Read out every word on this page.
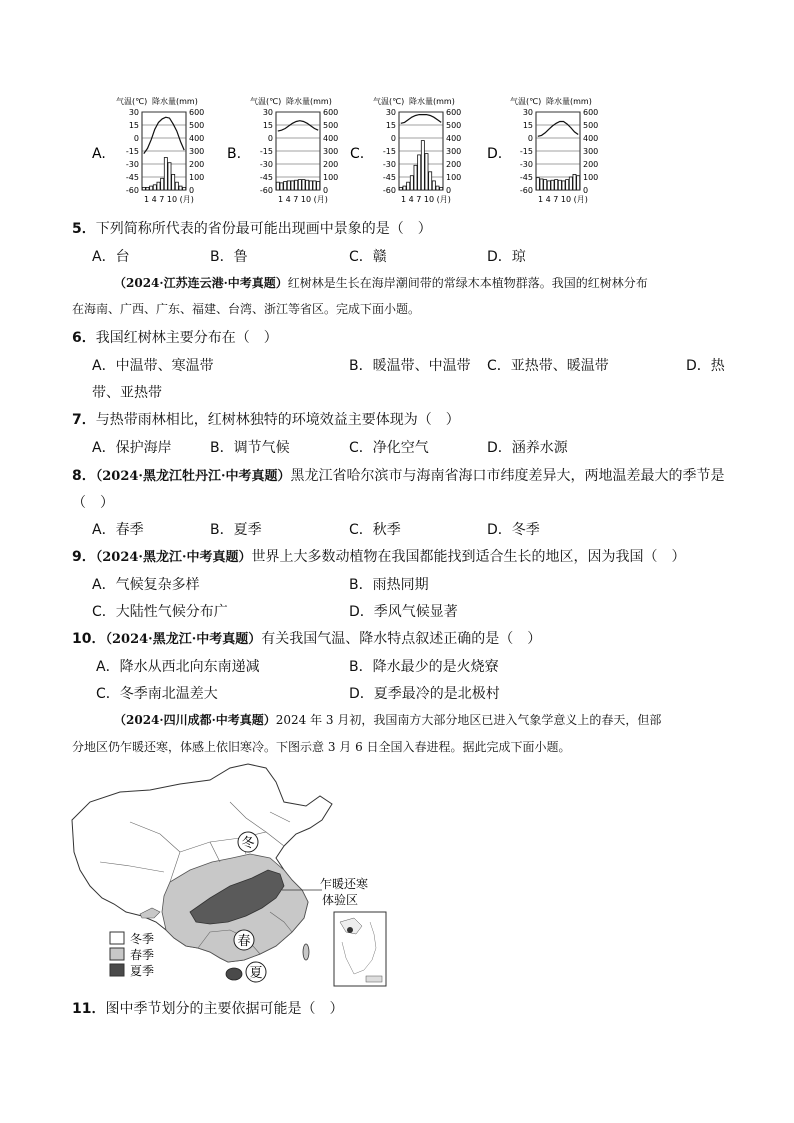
A.
气温(℃) 降水量(mm)
30	600
15	500
0	400
-15	300
-30	200
-45	100
-60	0
1 4 7 10 (月)
B.
气温(℃) 降水量(mm)
30	600
15	500
0	400
-15	300
-30	200
-45	100
-60	0
1 4 7 10 (月)
C.
气温(℃) 降水量(mm)
30	600
15	500
0	400
-15	300
-30	200
-45	100
-60	0
1 4 7 10 (月)
D.
气温(℃) 降水量(mm)
30	600
15	500
0	400
-15	300
-30	200
-45	100
-60	0
1 4 7 10 (月)
5．下列简称所代表的省份最可能出现画中景象的是（　）
A．台	B．鲁	C．赣	D．琼
（2024·江苏连云港·中考真题）红树林是生长在海岸潮间带的常绿木本植物群落。我国的红树林分布
在海南、广西、广东、福建、台湾、浙江等省区。完成下面小题。
6．我国红树林主要分布在（　）
A．中温带、寒温带	B．暖温带、中温带 C．亚热带、暖温带	D．热
带、亚热带
7．与热带雨林相比，红树林独特的环境效益主要体现为（　）
A．保护海岸	B．调节气候	C．净化空气	D．涵养水源
8．（2024·黑龙江牡丹江·中考真题）黑龙江省哈尔滨市与海南省海口市纬度差异大，两地温差最大的季节是
（　）
A．春季	B．夏季	C．秋季	D．冬季
9．（2024·黑龙江·中考真题）世界上大多数动植物在我国都能找到适合生长的地区，因为我国（　）
A．气候复杂多样	B．雨热同期
C．大陆性气候分布广	D．季风气候显著
10．（2024·黑龙江·中考真题）有关我国气温、降水特点叙述正确的是（　）
A．降水从西北向东南递减	B．降水最少的是火烧寮
C．冬季南北温差大	D．夏季最冷的是北极村
（2024·四川成都·中考真题）2024 年 3 月初，我国南方大部分地区已进入气象学意义上的春天，但部
分地区仍乍暖还寒，体感上依旧寒冷。下图示意 3 月 6 日全国入春进程。据此完成下面小题。
冬
春
夏
乍暖还寒
体验区
冬季
春季
夏季
11．图中季节划分的主要依据可能是（　）
